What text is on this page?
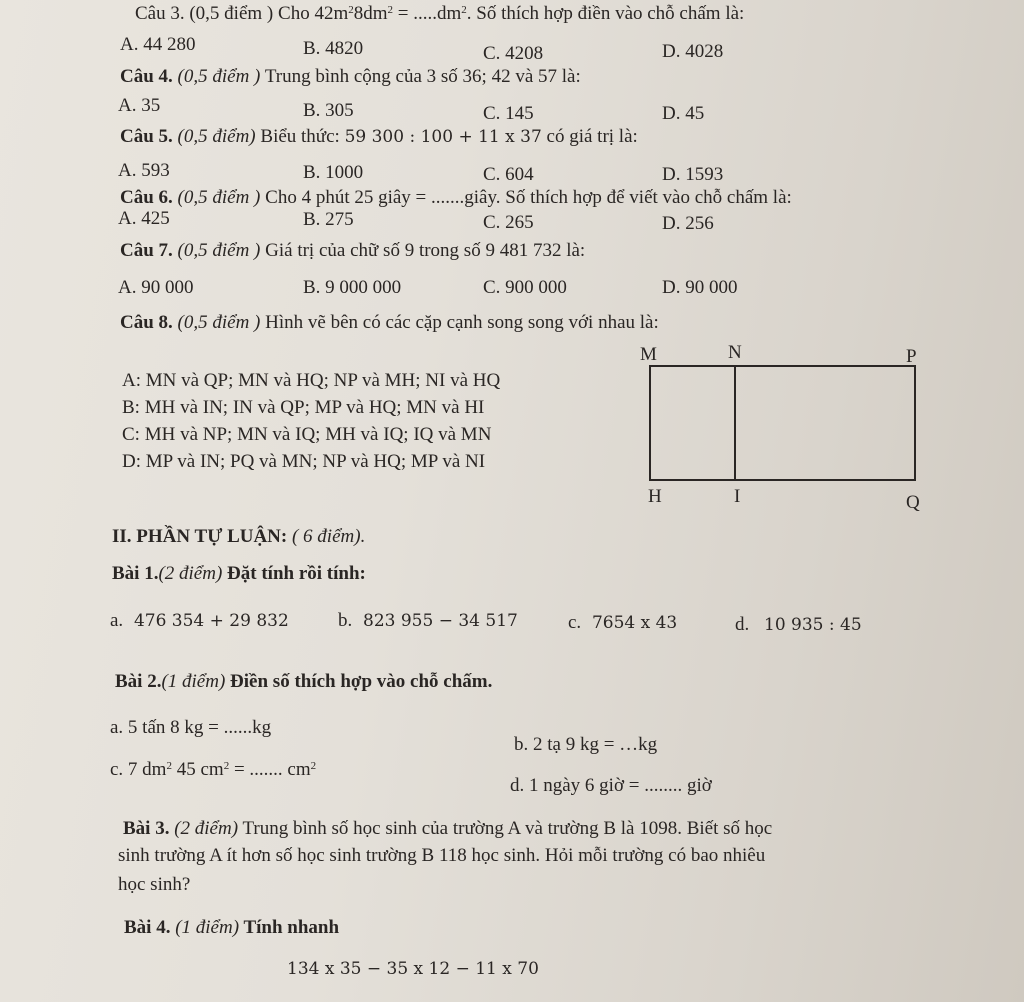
Câu 3. (0,5 điểm ) Cho $42m^28dm^2 = .....dm^2$. Số thích hợp điền vào chỗ chấm là:
A. 44 280	B. 4820	C. 4208	D. 4028
Câu 4. (0,5 điểm ) Trung bình cộng của 3 số 36; 42 và 57 là:
A. 35	B. 305	C. 145	D. 45
Câu 5. (0,5 điểm) Biểu thức: 59 300 : 100 + 11 x 37 có giá trị là:
A. 593	B. 1000	C. 604	D. 1593
Câu 6. (0,5 điểm ) Cho 4 phút 25 giây = .......giây. Số thích hợp để viết vào chỗ chấm là:
A. 425	B. 275	C. 265	D. 256
Câu 7. (0,5 điểm ) Giá trị của chữ số 9 trong số 9 481 732 là:
A. 90 000	B. 9 000 000	C. 900 000	D. 90 000
Câu 8. (0,5 điểm ) Hình vẽ bên có các cặp cạnh song song với nhau là:
A: MN và QP; MN và HQ; NP và MH; NI và HQ
B: MH và IN; IN và QP; MP và HQ; MN và HI
C: MH và NP; MN và IQ; MH và IQ; IQ và MN
D: MP và IN; PQ và MN; NP và HQ; MP và NI
M	N	P
H	I	Q
II. PHẦN TỰ LUẬN: ( 6 điểm).
Bài 1.(2 điểm) Đặt tính rồi tính:
a. 476 354 + 29 832	b. 823 955 − 34 517	c. 7654 x 43	d. 10 935 : 45
Bài 2.(1 điểm) Điền số thích hợp vào chỗ chấm.
a. 5 tấn 8 kg = ......kg
b. 2 tạ 9 kg = …kg
c. 7 $dm^2$ 45 $cm^2$ = ....... $cm^2$
d. 1 ngày 6 giờ = ........ giờ
Bài 3. (2 điểm) Trung bình số học sinh của trường A và trường B là 1098. Biết số học
sinh trường A ít hơn số học sinh trường B 118 học sinh. Hỏi mỗi trường có bao nhiêu
học sinh?
Bài 4. (1 điểm) Tính nhanh
134 x 35 − 35 x 12 − 11 x 70
